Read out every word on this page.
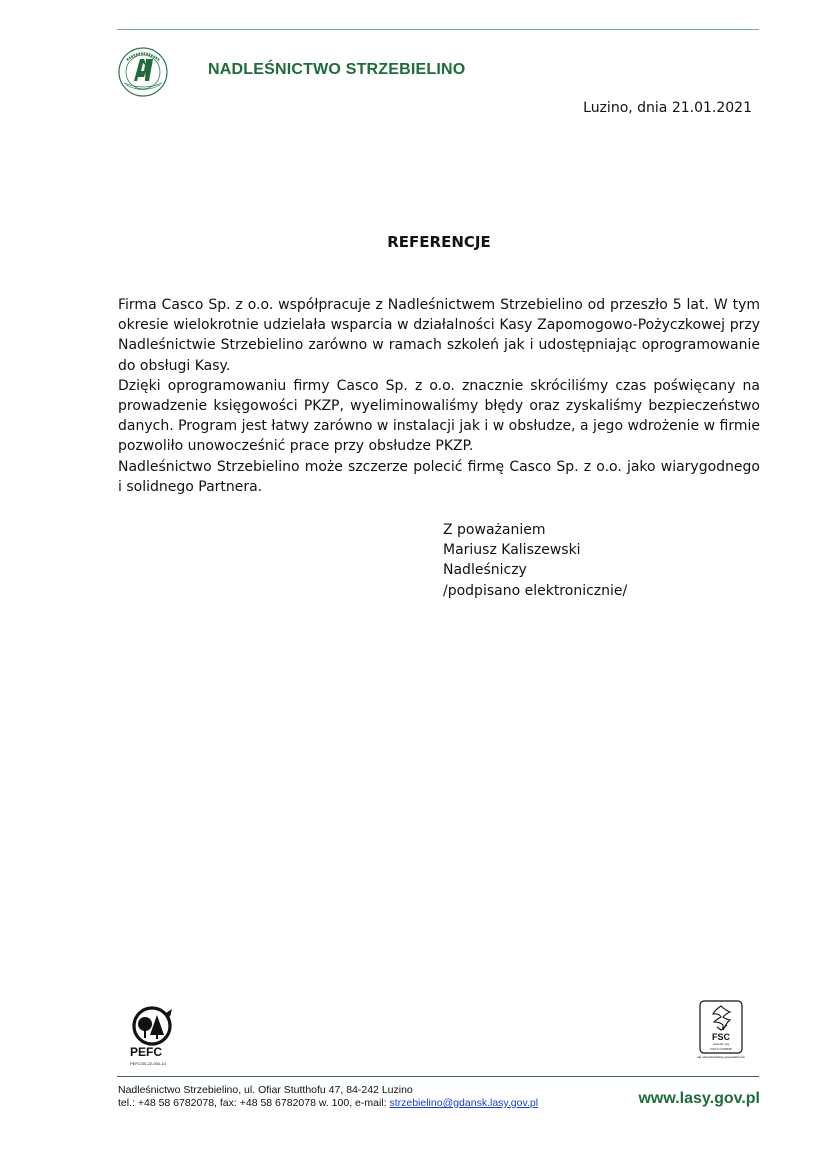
NADLEŚNICTWO STRZEBIELINO
Luzino, dnia 21.01.2021
REFERENCJE

Firma Casco Sp. z o.o. współpracuje z Nadleśnictwem Strzebielino od przeszło 5 lat. W tym okresie wielokrotnie udzielała wsparcia w działalności Kasy Zapomogowo-Pożyczkowej przy Nadleśnictwie Strzebielino zarówno w ramach szkoleń jak i udostępniając oprogramowanie do obsługi Kasy.

Dzięki oprogramowaniu firmy Casco Sp. z o.o. znacznie skróciliśmy czas poświęcany na prowadzenie księgowości PKZP, wyeliminowaliśmy błędy oraz zyskaliśmy bezpieczeństwo danych. Program jest łatwy zarówno w instalacji jak i w obsłudze, a jego wdrożenie w firmie pozwoliło unowocześnić prace przy obsłudze PKZP.

Nadleśnictwo Strzebielino może szczerze polecić firmę Casco Sp. z o.o. jako wiarygodnego i solidnego Partnera.

Z poważaniem
Mariusz Kaliszewski
Nadleśniczy
/podpisano elektronicznie/
PEFC
PEFC/30-22-004-14
FSC
www.fsc.org
FSC® C016698
Znak odpowiedzialnej gospodarki leśnej
Nadleśnictwo Strzebielino, ul. Ofiar Stutthofu 47, 84-242 Luzino
tel.: +48 58 6782078, fax: +48 58 6782078 w. 100, e-mail: strzebielino@gdansk.lasy.gov.pl	www.lasy.gov.pl
